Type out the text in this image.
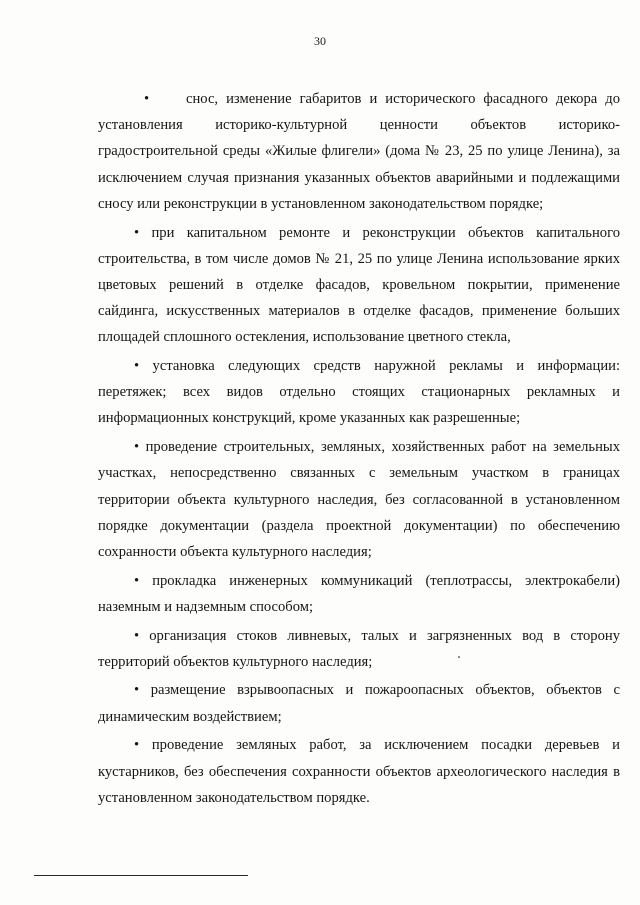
30

•	снос, изменение габаритов и исторического фасадного декора до установления историко-культурной ценности объектов историко-градостроительной среды «Жилые флигели» (дома № 23, 25 по улице Ленина), за исключением случая признания указанных объектов аварийными и подлежащими сносу или реконструкции в установленном законодательством порядке;

• при капитальном ремонте и реконструкции объектов капитального строительства, в том числе домов № 21, 25 по улице Ленина использование ярких цветовых решений в отделке фасадов, кровельном покрытии, применение сайдинга, искусственных материалов в отделке фасадов, применение больших площадей сплошного остекления, использование цветного стекла,

• установка следующих средств наружной рекламы и информации: перетяжек; всех видов отдельно стоящих стационарных рекламных и информационных конструкций, кроме указанных как разрешенные;

• проведение строительных, земляных, хозяйственных работ на земельных участках, непосредственно связанных с земельным участком в границах территории объекта культурного наследия, без согласованной в установленном порядке документации (раздела проектной документации) по обеспечению сохранности объекта культурного наследия;

• прокладка инженерных коммуникаций (теплотрассы, электрокабели) наземным и надземным способом;

• организация стоков ливневых, талых и загрязненных вод в сторону территорий объектов культурного наследия;

• размещение взрывоопасных и пожароопасных объектов, объектов с динамическим воздействием;

• проведение земляных работ, за исключением посадки деревьев и кустарников, без обеспечения сохранности объектов археологического наследия в установленном законодательством порядке.
